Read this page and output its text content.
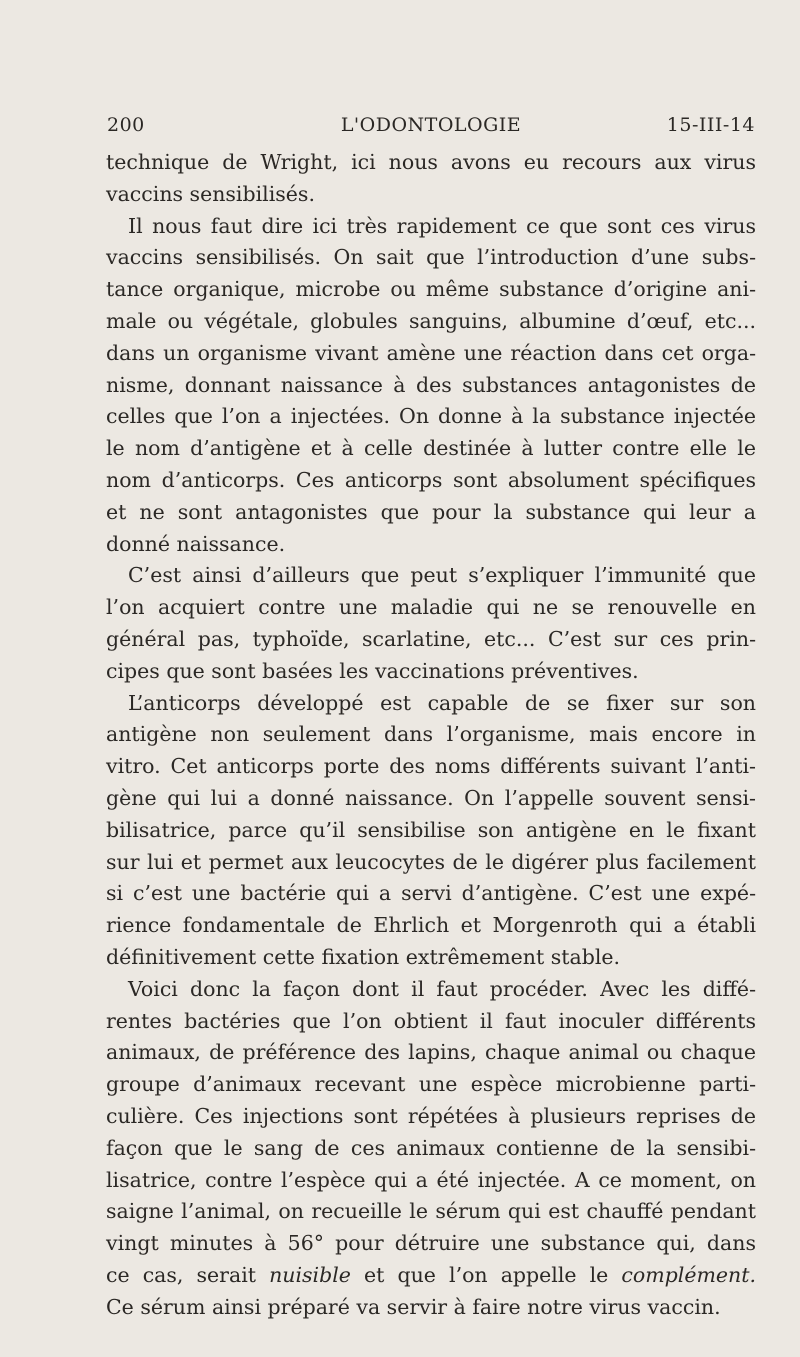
200	L'ODONTOLOGIE	15-III-14
technique de Wright, ici nous avons eu recours aux virus
vaccins sensibilisés.
Il nous faut dire ici très rapidement ce que sont ces virus
vaccins sensibilisés. On sait que l’introduction d’une subs-
tance organique, microbe ou même substance d’origine ani-
male ou végétale, globules sanguins, albumine d’œuf, etc...
dans un organisme vivant amène une réaction dans cet orga-
nisme, donnant naissance à des substances antagonistes de
celles que l’on a injectées. On donne à la substance injectée
le nom d’antigène et à celle destinée à lutter contre elle le
nom d’anticorps. Ces anticorps sont absolument spécifiques
et ne sont antagonistes que pour la substance qui leur a
donné naissance.
C’est ainsi d’ailleurs que peut s’expliquer l’immunité que
l’on acquiert contre une maladie qui ne se renouvelle en
général pas, typhoïde, scarlatine, etc... C’est sur ces prin-
cipes que sont basées les vaccinations préventives.
L’anticorps développé est capable de se fixer sur son
antigène non seulement dans l’organisme, mais encore in
vitro. Cet anticorps porte des noms différents suivant l’anti-
gène qui lui a donné naissance. On l’appelle souvent sensi-
bilisatrice, parce qu’il sensibilise son antigène en le fixant
sur lui et permet aux leucocytes de le digérer plus facilement
si c’est une bactérie qui a servi d’antigène. C’est une expé-
rience fondamentale de Ehrlich et Morgenroth qui a établi
définitivement cette fixation extrêmement stable.
Voici donc la façon dont il faut procéder. Avec les diffé-
rentes bactéries que l’on obtient il faut inoculer différents
animaux, de préférence des lapins, chaque animal ou chaque
groupe d’animaux recevant une espèce microbienne parti-
culière. Ces injections sont répétées à plusieurs reprises de
façon que le sang de ces animaux contienne de la sensibi-
lisatrice, contre l’espèce qui a été injectée. A ce moment, on
saigne l’animal, on recueille le sérum qui est chauffé pendant
vingt minutes à 56° pour détruire une substance qui, dans
ce cas, serait nuisible et que l’on appelle le complément.
Ce sérum ainsi préparé va servir à faire notre virus vaccin.
